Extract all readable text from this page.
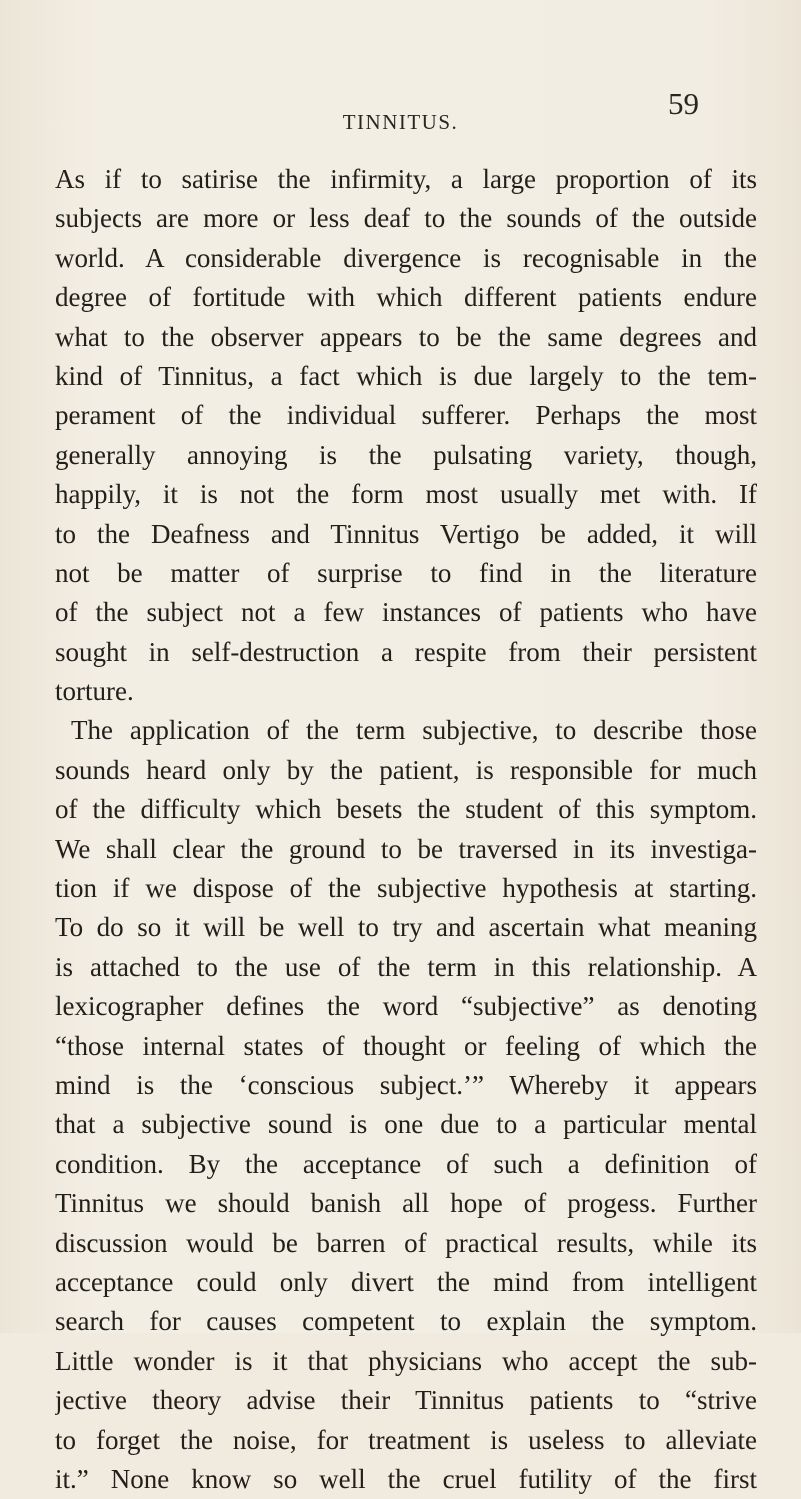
TINNITUS.
59
As if to satirise the infirmity, a large proportion of its
subjects are more or less deaf to the sounds of the outside
world. A considerable divergence is recognisable in the
degree of fortitude with which different patients endure
what to the observer appears to be the same degrees and
kind of Tinnitus, a fact which is due largely to the tem-
perament of the individual sufferer. Perhaps the most
generally annoying is the pulsating variety, though,
happily, it is not the form most usually met with. If
to the Deafness and Tinnitus Vertigo be added, it will
not be matter of surprise to find in the literature
of the subject not a few instances of patients who have
sought in self-destruction a respite from their persistent
torture.
The application of the term subjective, to describe those
sounds heard only by the patient, is responsible for much
of the difficulty which besets the student of this symptom.
We shall clear the ground to be traversed in its investiga-
tion if we dispose of the subjective hypothesis at starting.
To do so it will be well to try and ascertain what meaning
is attached to the use of the term in this relationship. A
lexicographer defines the word “subjective” as denoting
“those internal states of thought or feeling of which the
mind is the ‘conscious subject.’” Whereby it appears
that a subjective sound is one due to a particular mental
condition. By the acceptance of such a definition of
Tinnitus we should banish all hope of progess. Further
discussion would be barren of practical results, while its
acceptance could only divert the mind from intelligent
search for causes competent to explain the symptom.
Little wonder is it that physicians who accept the sub-
jective theory advise their Tinnitus patients to “strive
to forget the noise, for treatment is useless to alleviate
it.” None know so well the cruel futility of the first
